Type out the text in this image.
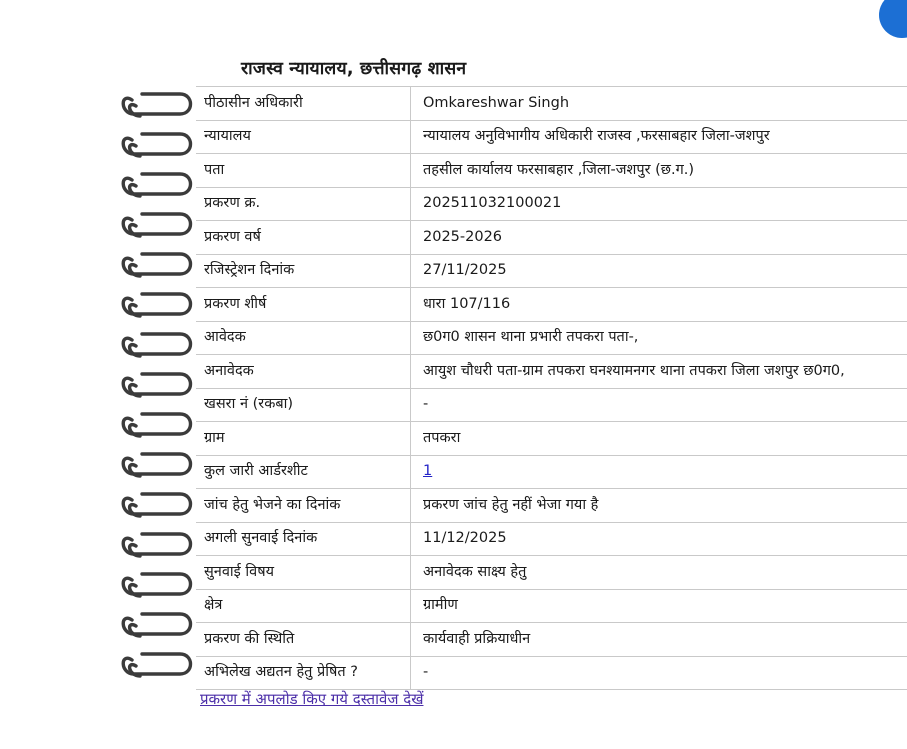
राजस्व न्यायालय, छत्तीसगढ़ शासन
पीठासीन अधिकारी	Omkareshwar Singh
न्यायालय	न्यायालय अनुविभागीय अधिकारी राजस्व ,फरसाबहार जिला-जशपुर
पता	तहसील कार्यालय फरसाबहार ,जिला-जशपुर (छ.ग.)
प्रकरण क्र.	202511032100021
प्रकरण वर्ष	2025-2026
रजिस्ट्रेशन दिनांक	27/11/2025
प्रकरण शीर्ष	धारा 107/116
आवेदक	छ0ग0 शासन थाना प्रभारी तपकरा पता-,
अनावेदक	आयुश चौधरी पता-ग्राम तपकरा घनश्यामनगर थाना तपकरा जिला जशपुर छ0ग0,
खसरा नं (रकबा)	-
ग्राम	तपकरा
कुल जारी आर्डरशीट	1
जांच हेतु भेजने का दिनांक	प्रकरण जांच हेतु नहीं भेजा गया है
अगली सुनवाई दिनांक	11/12/2025
सुनवाई विषय	अनावेदक साक्ष्य हेतु
क्षेत्र	ग्रामीण
प्रकरण की स्थिति	कार्यवाही प्रक्रियाधीन
अभिलेख अद्यतन हेतु प्रेषित ?	-
प्रकरण में अपलोड किए गये दस्तावेज देखें
